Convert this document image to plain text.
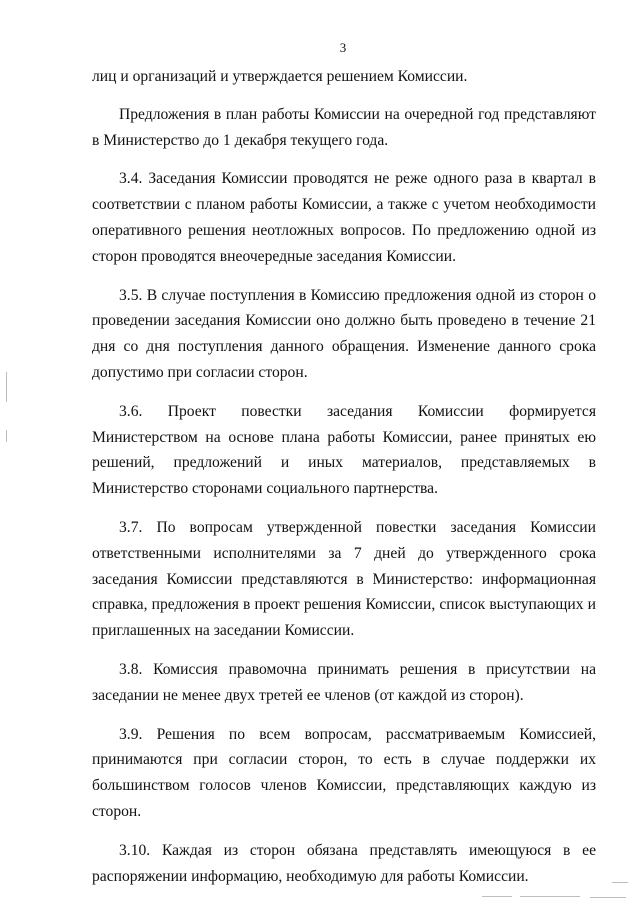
3

лиц и организаций и утверждается решением Комиссии.

Предложения в план работы Комиссии на очередной год представляют в Министерство до 1 декабря текущего года.

3.4. Заседания Комиссии проводятся не реже одного раза в квартал в соответствии с планом работы Комиссии, а также с учетом необходимости оперативного решения неотложных вопросов. По предложению одной из сторон проводятся внеочередные заседания Комиссии.

3.5. В случае поступления в Комиссию предложения одной из сторон о проведении заседания Комиссии оно должно быть проведено в течение 21 дня со дня поступления данного обращения. Изменение данного срока допустимо при согласии сторон.

3.6. Проект повестки заседания Комиссии формируется Министерством на основе плана работы Комиссии, ранее принятых ею решений, предложений и иных материалов, представляемых в Министерство сторонами социального партнерства.

3.7. По вопросам утвержденной повестки заседания Комиссии ответственными исполнителями за 7 дней до утвержденного срока заседания Комиссии представляются в Министерство: информационная справка, предложения в проект решения Комиссии, список выступающих и приглашенных на заседании Комиссии.

3.8. Комиссия правомочна принимать решения в присутствии на заседании не менее двух третей ее членов (от каждой из сторон).

3.9. Решения по всем вопросам, рассматриваемым Комиссией, принимаются при согласии сторон, то есть в случае поддержки их большинством голосов членов Комиссии, представляющих каждую из сторон.

3.10. Каждая из сторон обязана представлять имеющуюся в ее распоряжении информацию, необходимую для работы Комиссии.
